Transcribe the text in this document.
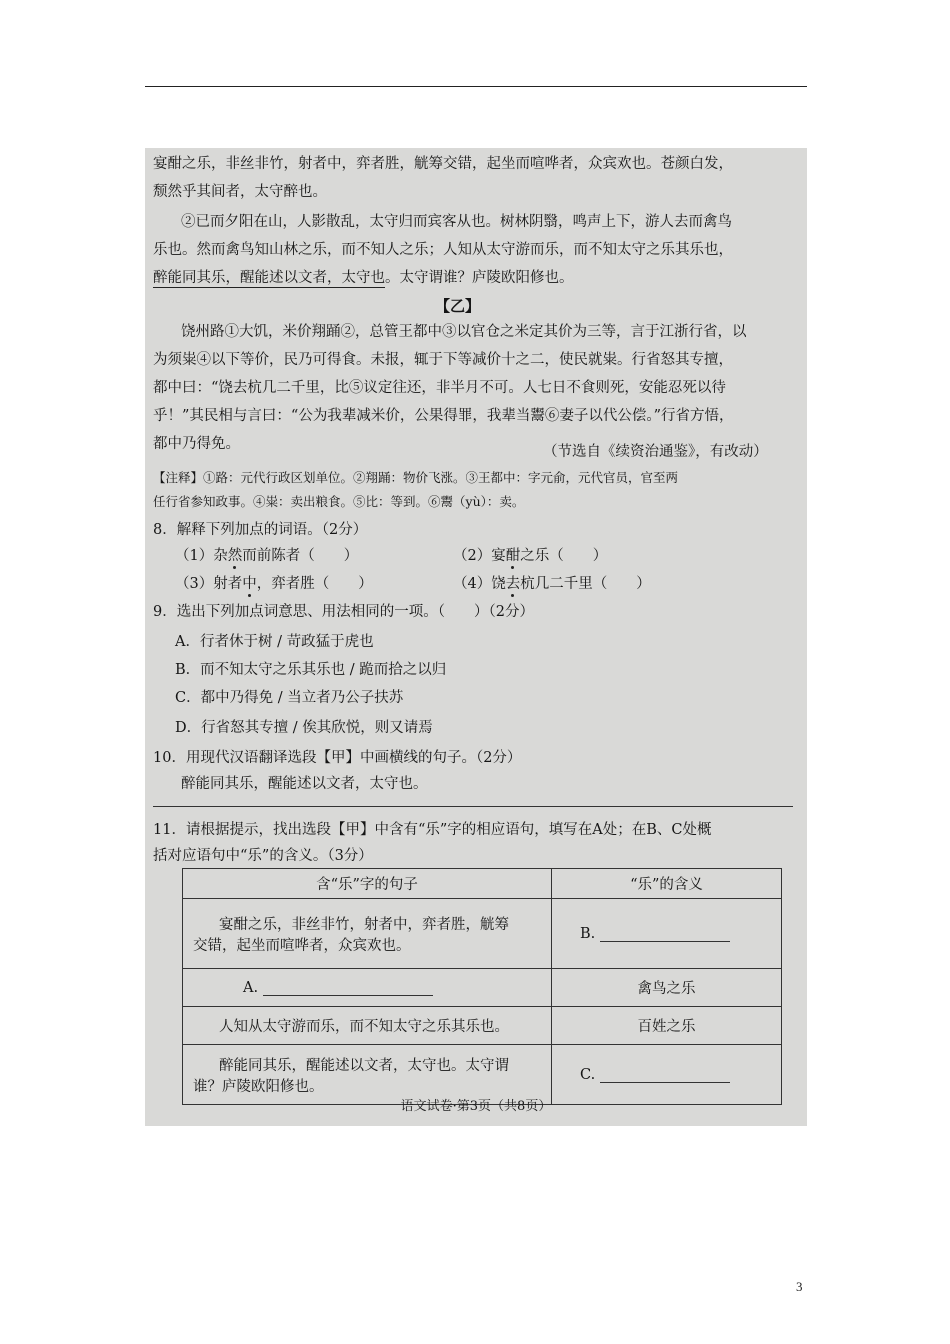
宴酣之乐，非丝非竹，射者中，弈者胜，觥筹交错，起坐而喧哗者，众宾欢也。苍颜白发，
颓然乎其间者，太守醉也。
②已而夕阳在山，人影散乱，太守归而宾客从也。树林阴翳，鸣声上下，游人去而禽鸟
乐也。然而禽鸟知山林之乐，而不知人之乐；人知从太守游而乐，而不知太守之乐其乐也，
醉能同其乐，醒能述以文者，太守也。太守谓谁？庐陵欧阳修也。
【乙】
饶州路①大饥，米价翔踊②，总管王都中③以官仓之米定其价为三等，言于江浙行省，以
为须粜④以下等价，民乃可得食。未报，辄于下等减价十之二，使民就粜。行省怒其专擅，
都中曰：“饶去杭几二千里，比⑤议定往还，非半月不可。人七日不食则死，安能忍死以待
乎！”其民相与言曰：“公为我辈减米价，公果得罪，我辈当鬻⑥妻子以代公偿。”行省方悟，
都中乃得免。	（节选自《续资治通鉴》，有改动）
【注释】①路：元代行政区划单位。②翔踊：物价飞涨。③王都中：字元俞，元代官员，官至两
任行省参知政事。④粜：卖出粮食。⑤比：等到。⑥鬻（yù）：卖。
8．解释下列加点的词语。（2分）
（1）杂然而前陈者（　　）	（2）宴酣之乐（　　）
（3）射者中，弈者胜（　　）	（4）饶去杭几二千里（　　）
9．选出下列加点词意思、用法相同的一项。（　　）（2分）
A．行者休于树 / 苛政猛于虎也
B．而不知太守之乐其乐也 / 跪而拾之以归
C．都中乃得免 / 当立者乃公子扶苏
D．行省怒其专擅 / 俟其欣悦，则又请焉
10．用现代汉语翻译选段【甲】中画横线的句子。（2分）
醉能同其乐，醒能述以文者，太守也。
11．请根据提示，找出选段【甲】中含有“乐”字的相应语句，填写在A处；在B、C处概
括对应语句中“乐”的含义。（3分）
含“乐”字的句子	“乐”的含义

宴酣之乐，非丝非竹，射者中，弈者胜，觥筹
交错，起坐而喧哗者，众宾欢也。	B.
A.	禽鸟之乐
人知从太守游而乐，而不知太守之乐其乐也。	百姓之乐

醉能同其乐，醒能述以文者，太守也。太守谓
谁？庐陵欧阳修也。	C.
语文试卷·第3页（共8页）
3
